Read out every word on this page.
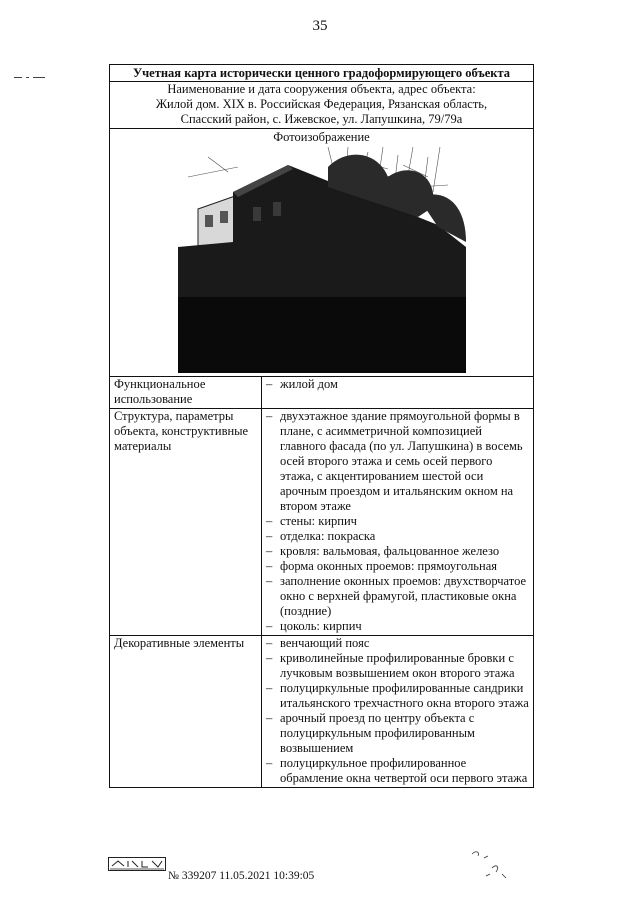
35

Учетная карта исторически ценного градоформирующего объекта
Наименование и дата сооружения объекта, адрес объекта:
Жилой дом. XIX в. Российская Федерация, Рязанская область,
Спасский район, с. Ижевское, ул. Лапушкина, 79/79а
Фотоизображение
Функциональное использование
– жилой дом
Структура, параметры объекта, конструктивные материалы
– двухэтажное здание прямоугольной формы в плане, с асимметричной композицией главного фасада (по ул. Лапушкина) в восемь осей второго этажа и семь осей первого этажа, с акцентированием шестой оси арочным проездом и итальянским окном на втором этаже
– стены: кирпич
– отделка: покраска
– кровля: вальмовая, фальцованное железо
– форма оконных проемов: прямоугольная
– заполнение оконных проемов: двухстворчатое окно с верхней фрамугой, пластиковые окна (поздние)
– цоколь: кирпич
Декоративные элементы	– венчающий пояс
– криволинейные профилированные бровки с лучковым возвышением окон второго этажа
– полуциркульные профилированные сандрики итальянского трехчастного окна второго этажа
– арочный проезд по центру объекта с полуциркульным профилированным возвышением
– полуциркульное профилированное обрамление окна четвертой оси первого этажа
№ 339207 11.05.2021 10:39:05
